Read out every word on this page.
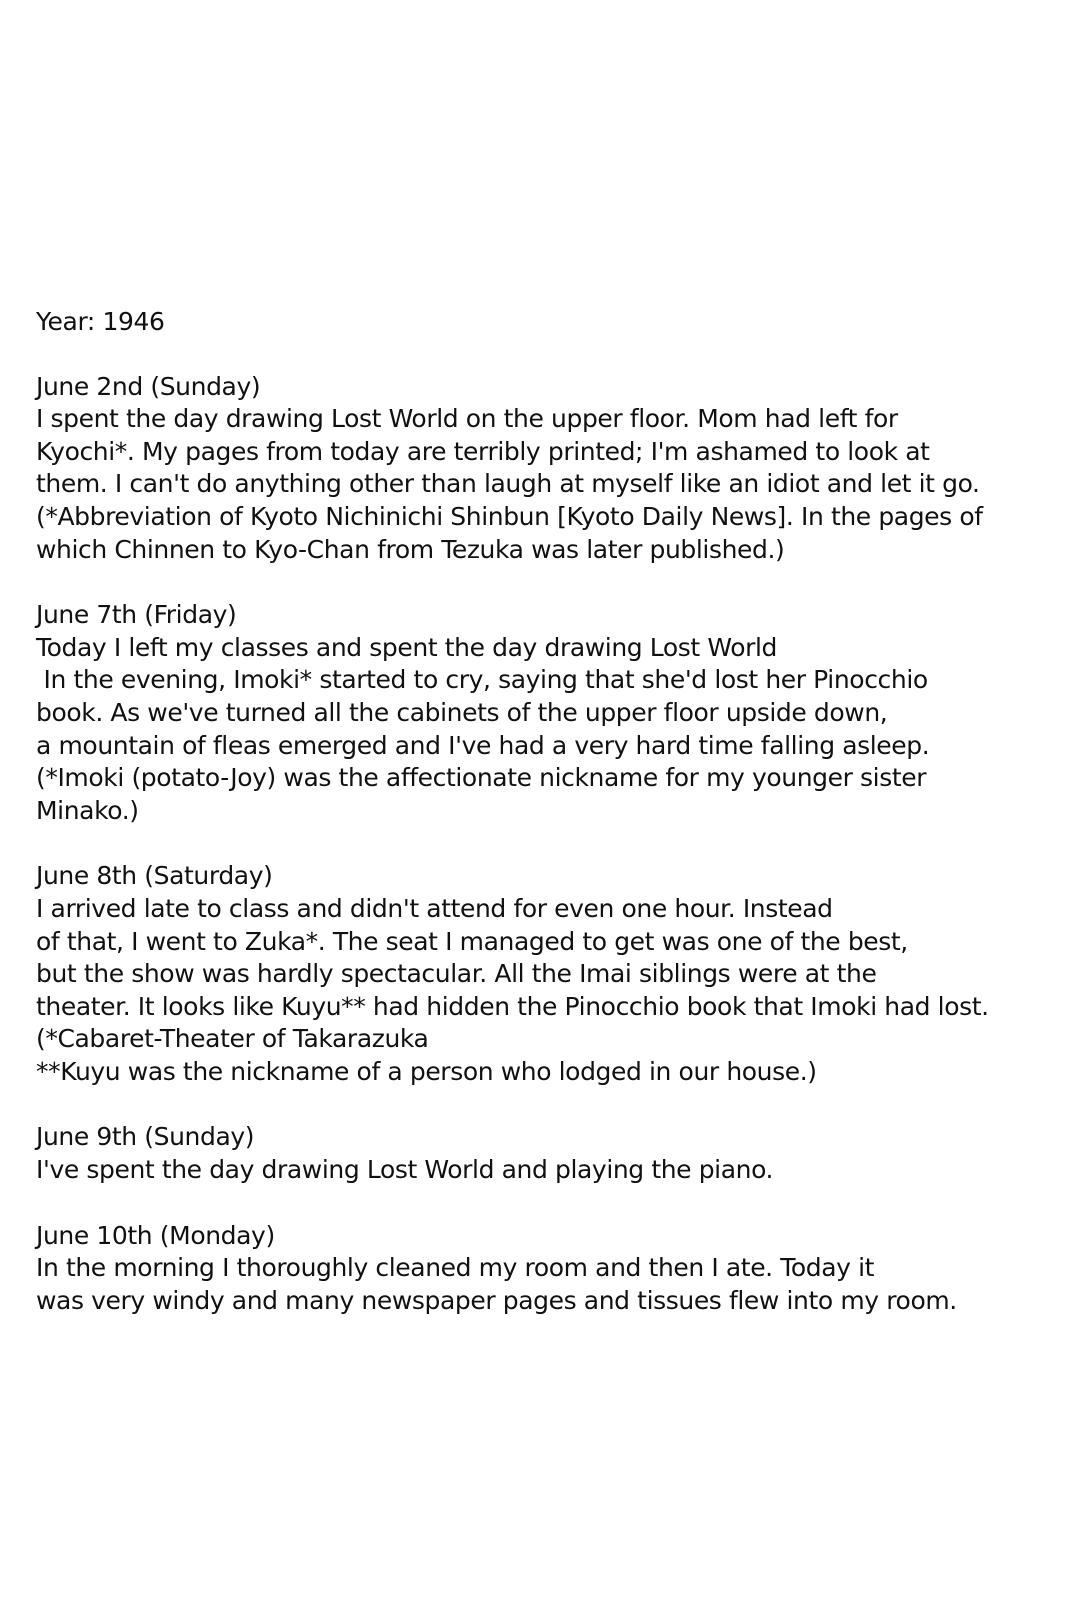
Year: 1946
June 2nd (Sunday)
I spent the day drawing Lost World on the upper floor. Mom had left for
Kyochi*. My pages from today are terribly printed; I'm ashamed to look at
them. I can't do anything other than laugh at myself like an idiot and let it go.
(*Abbreviation of Kyoto Nichinichi Shinbun [Kyoto Daily News]. In the pages of
which Chinnen to Kyo-Chan from Tezuka was later published.)
June 7th (Friday)
Today I left my classes and spent the day drawing Lost World
In the evening, Imoki* started to cry, saying that she'd lost her Pinocchio
book. As we've turned all the cabinets of the upper floor upside down,
a mountain of fleas emerged and I've had a very hard time falling asleep.
(*Imoki (potato-Joy) was the affectionate nickname for my younger sister
Minako.)
June 8th (Saturday)
I arrived late to class and didn't attend for even one hour. Instead
of that, I went to Zuka*. The seat I managed to get was one of the best,
but the show was hardly spectacular. All the Imai siblings were at the
theater. It looks like Kuyu** had hidden the Pinocchio book that Imoki had lost.
(*Cabaret-Theater of Takarazuka
**Kuyu was the nickname of a person who lodged in our house.)
June 9th (Sunday)
I've spent the day drawing Lost World and playing the piano.
June 10th (Monday)
In the morning I thoroughly cleaned my room and then I ate. Today it
was very windy and many newspaper pages and tissues flew into my room.
